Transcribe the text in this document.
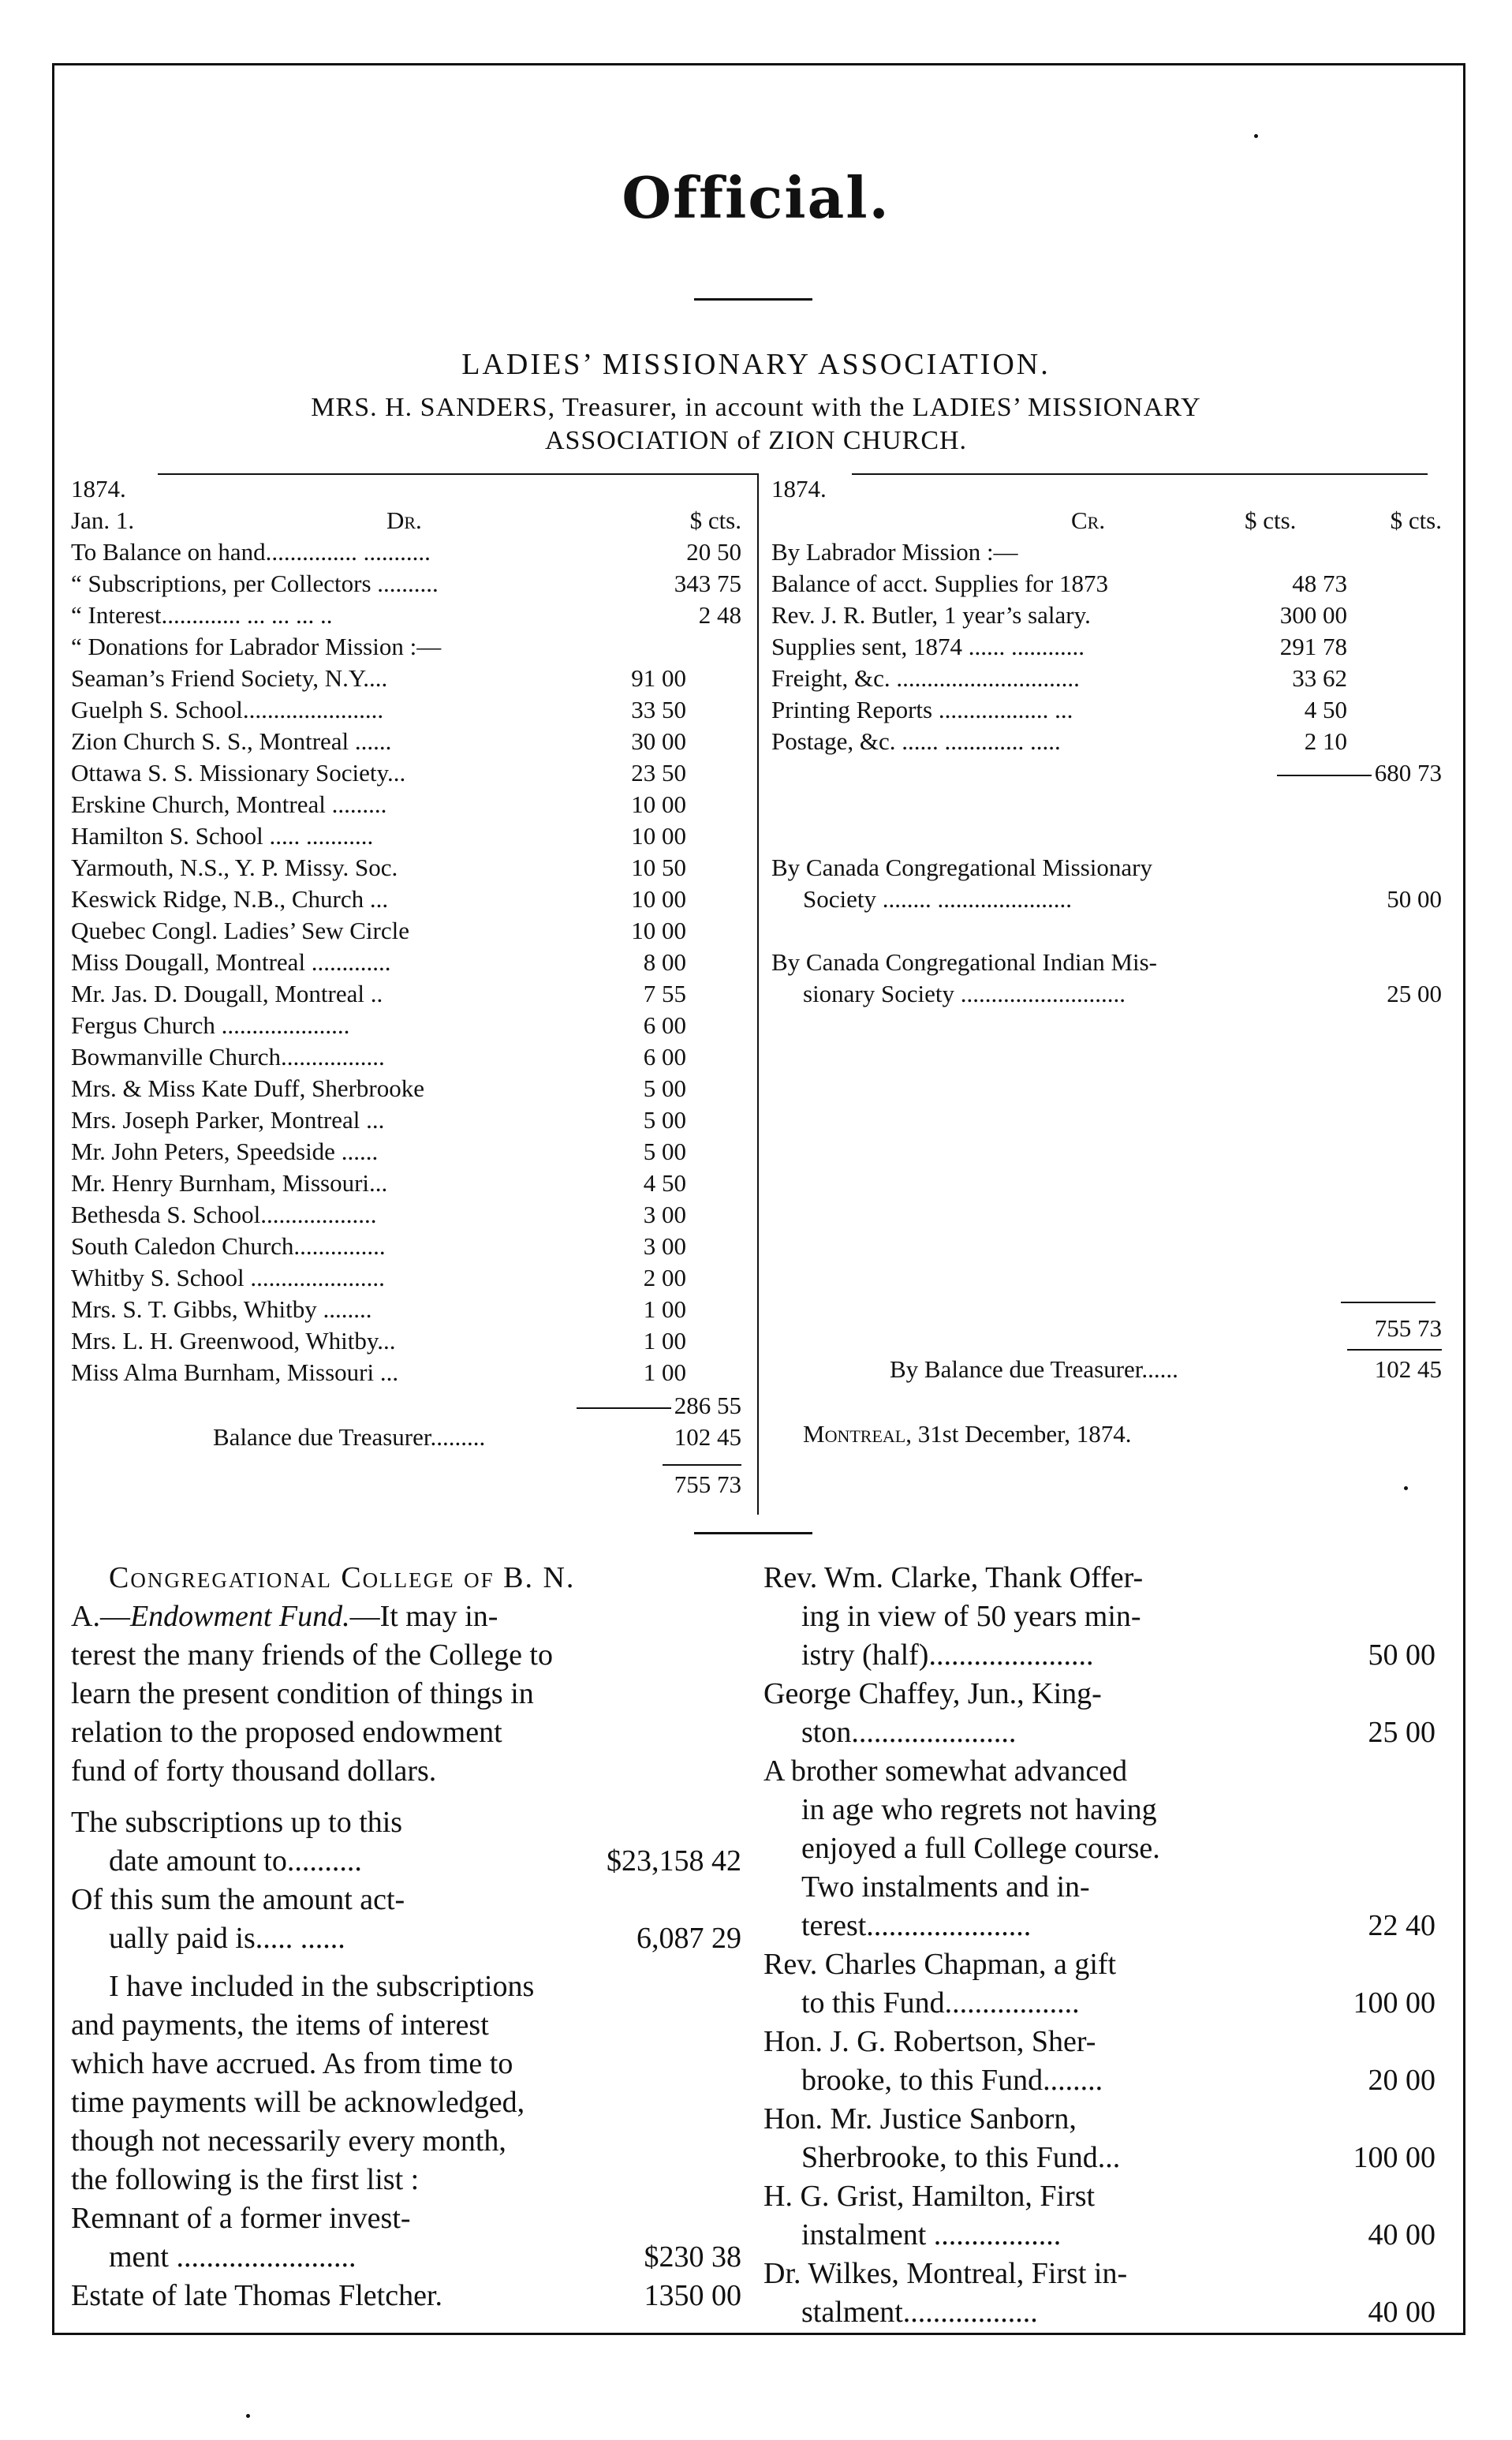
Official.
LADIES’ MISSIONARY ASSOCIATION.
MRS. H. SANDERS, Treasurer, in account with the LADIES’ MISSIONARY
ASSOCIATION of ZION CHURCH.
1874.
Jan. 1.	Dr.	$ cts.
To Balance on hand............... ...........	20 50
“ Subscriptions, per Collectors ..........	343 75
“ Interest............. ... ... ... ..	2 48
“ Donations for Labrador Mission :—
Seaman’s Friend Society, N.Y....	91 00
Guelph S. School.......................	33 50
Zion Church S. S., Montreal ......	30 00
Ottawa S. S. Missionary Society...	23 50
Erskine Church, Montreal .........	10 00
Hamilton S. School ..... ...........	10 00
Yarmouth, N.S., Y. P. Missy. Soc.	10 50
Keswick Ridge, N.B., Church ...	10 00
Quebec Congl. Ladies’ Sew Circle	10 00
Miss Dougall, Montreal .............	8 00
Mr. Jas. D. Dougall, Montreal ..	7 55
Fergus Church .....................	6 00
Bowmanville Church.................	6 00
Mrs. & Miss Kate Duff, Sherbrooke	5 00
Mrs. Joseph Parker, Montreal ...	5 00
Mr. John Peters, Speedside ......	5 00
Mr. Henry Burnham, Missouri...	4 50
Bethesda S. School...................	3 00
South Caledon Church...............	3 00
Whitby S. School ......................	2 00
Mrs. S. T. Gibbs, Whitby ........	1 00
Mrs. L. H. Greenwood, Whitby...	1 00
Miss Alma Burnham, Missouri ...	1 00
286 55
Balance due Treasurer.........	102 45
755 73
1874.
Cr.	$ cts.	$ cts.
By Labrador Mission :—
Balance of acct. Supplies for 1873	48 73
Rev. J. R. Butler, 1 year’s salary.	300 00
Supplies sent, 1874 ...... ............	291 78
Freight, &c. ..............................	33 62
Printing Reports .................. ...	4 50
Postage, &c. ...... ............. .....	2 10
680 73
By Canada Congregational Missionary
Society ........ ......................	50 00
By Canada Congregational Indian Mis-
sionary Society ...........................	25 00
755 73
By Balance due Treasurer......	102 45
Montreal, 31st December, 1874.
Congregational College of B. N.
A.—Endowment Fund.—It may in-
terest the many friends of the College to
learn the present condition of things in
relation to the proposed endowment
fund of forty thousand dollars.
The subscriptions up to this
date amount to..........	$23,158 42
Of this sum the amount act-
ually paid is..... ......	6,087 29
I have included in the subscriptions
and payments, the items of interest
which have accrued. As from time to
time payments will be acknowledged,
though not necessarily every month,
the following is the first list :
Remnant of a former invest-
ment ........................	$230 38
Estate of late Thomas Fletcher.	1350 00
Rev. Wm. Clarke, Thank Offer-
ing in view of 50 years min-
istry (half)......................	50 00
George Chaffey, Jun., King-
ston......................	25 00
A brother somewhat advanced
in age who regrets not having
enjoyed a full College course.
Two instalments and in-
terest......................	22 40
Rev. Charles Chapman, a gift
to this Fund..................	100 00
Hon. J. G. Robertson, Sher-
brooke, to this Fund........	20 00
Hon. Mr. Justice Sanborn,
Sherbrooke, to this Fund...	100 00
H. G. Grist, Hamilton, First
instalment .................	40 00
Dr. Wilkes, Montreal, First in-
stalment..................	40 00
